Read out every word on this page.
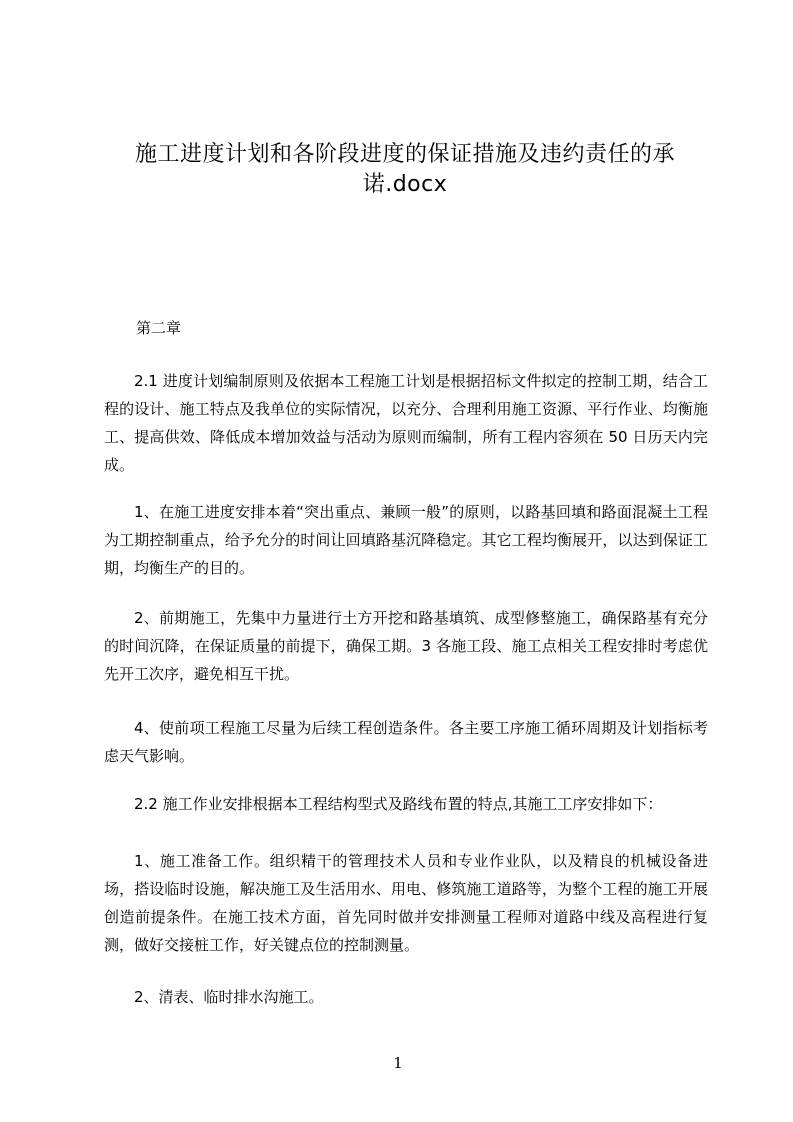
施工进度计划和各阶段进度的保证措施及违约责任的承诺.docx
第二章

2.1 进度计划编制原则及依据本工程施工计划是根据招标文件拟定的控制工期，结合工程的设计、施工特点及我单位的实际情况，以充分、合理利用施工资源、平行作业、均衡施工、提高供效、降低成本增加效益与活动为原则而编制，所有工程内容须在 50 日历天内完成。

1、在施工进度安排本着“突出重点、兼顾一般”的原则，以路基回填和路面混凝土工程为工期控制重点，给予允分的时间让回填路基沉降稳定。其它工程均衡展开，以达到保证工期，均衡生产的目的。

2、前期施工，先集中力量进行土方开挖和路基填筑、成型修整施工，确保路基有充分的时间沉降，在保证质量的前提下，确保工期。3 各施工段、施工点相关工程安排时考虑优先开工次序，避免相互干扰。

4、使前项工程施工尽量为后续工程创造条件。各主要工序施工循环周期及计划指标考虑天气影响。

2.2 施工作业安排根据本工程结构型式及路线布置的特点,其施工工序安排如下：

1、施工准备工作。组织精干的管理技术人员和专业作业队，以及精良的机械设备进场，搭设临时设施，解决施工及生活用水、用电、修筑施工道路等，为整个工程的施工开展创造前提条件。在施工技术方面，首先同时做并安排测量工程师对道路中线及高程进行复测，做好交接桩工作，好关键点位的控制测量。

2、清表、临时排水沟施工。

1
